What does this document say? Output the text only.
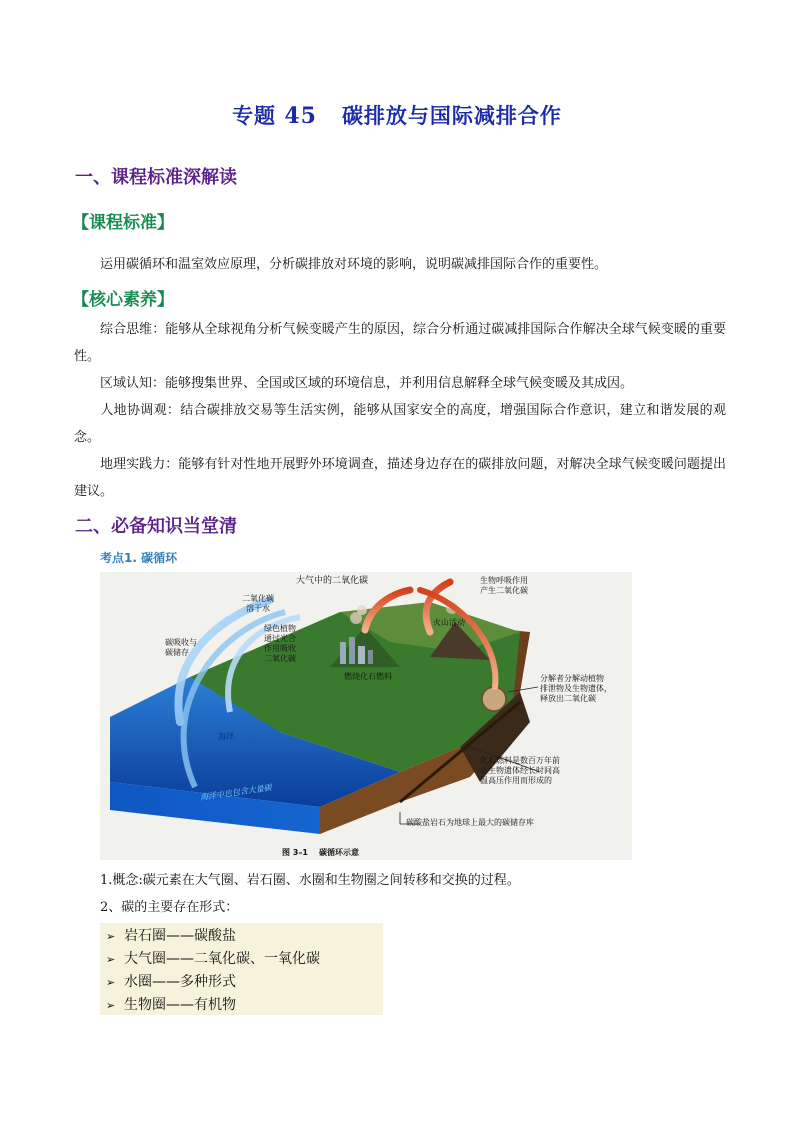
专题 45 碳排放与国际减排合作
一、课程标准深解读
【课程标准】
运用碳循环和温室效应原理，分析碳排放对环境的影响，说明碳减排国际合作的重要性。
【核心素养】
综合思维：能够从全球视角分析气候变暖产生的原因，综合分析通过碳减排国际合作解决全球气候变暖的重要性。
区域认知：能够搜集世界、全国或区域的环境信息，并利用信息解释全球气候变暖及其成因。
人地协调观：结合碳排放交易等生活实例，能够从国家安全的高度，增强国际合作意识，建立和谐发展的观念。
地理实践力：能够有针对性地开展野外环境调查，描述身边存在的碳排放问题，对解决全球气候变暖问题提出建议。
二、必备知识当堂清
考点1. 碳循环
大气中的二氧化碳	生物呼吸作用
产生二氧化碳
二氧化碳
溶于水
碳吸收与
碳储存
绿色植物
通过光合
作用吸收
二氧化碳
火山活动
燃烧化石燃料
海洋
海洋中也包含大量碳
分解者分解动植物
排泄物及生物遗体，
释放出二氧化碳
化石燃料是数百万年前
古生物遗体经长时间高
温高压作用而形成的
碳酸盐岩石为地球上最大的碳储存库
图 3–1    碳循环示意
1.概念:碳元素在大气圈、岩石圈、水圈和生物圈之间转移和交换的过程。
2、碳的主要存在形式：
➢ 岩石圈——碳酸盐
➢ 大气圈——二氧化碳、一氧化碳
➢ 水圈——多种形式
➢ 生物圈——有机物
